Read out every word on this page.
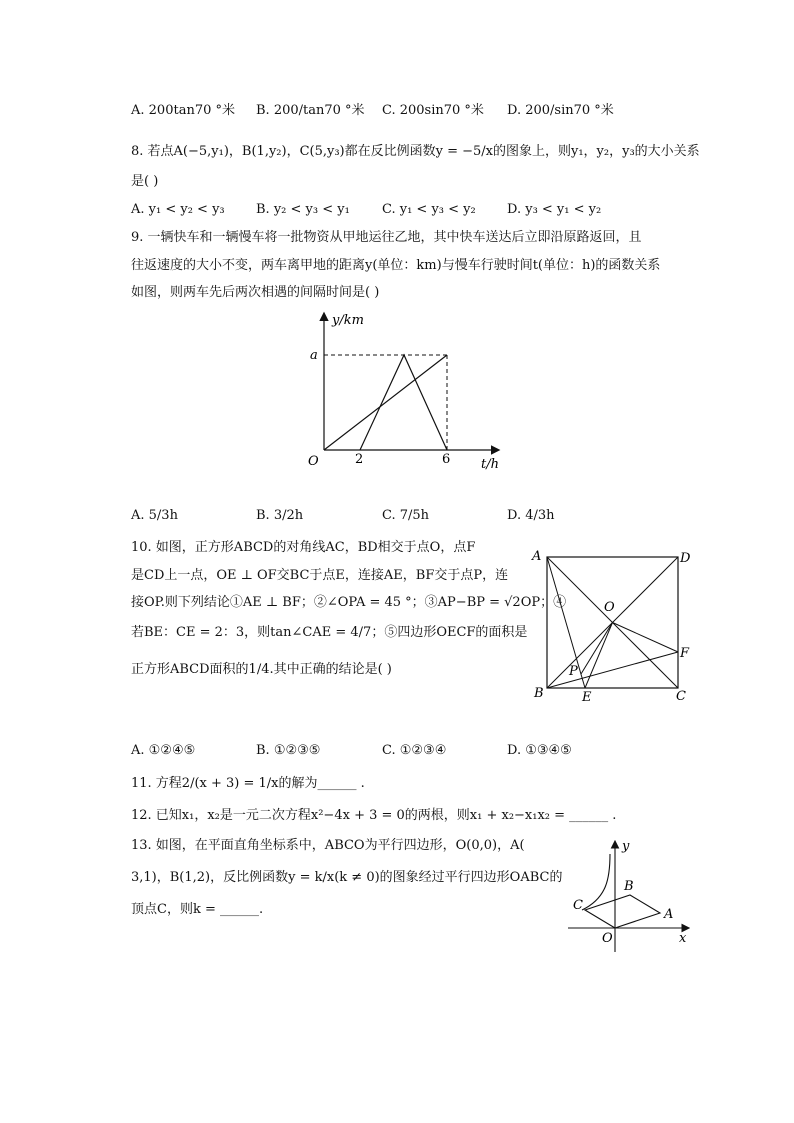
A. 200tan70 °米 B. 200/tan70 °米 C. 200sin70 °米 D. 200/sin70 °米
8. 若点A(−5,y₁)，B(1,y₂)，C(5,y₃)都在反比例函数y = −5/x的图象上，则y₁，y₂，y₃的大小关系
是( )
A. y₁ < y₂ < y₃ B. y₂ < y₃ < y₁ C. y₁ < y₃ < y₂ D. y₃ < y₁ < y₂
9. 一辆快车和一辆慢车将一批物资从甲地运往乙地，其中快车送达后立即沿原路返回，且
往返速度的大小不变，两车离甲地的距离y(单位：km)与慢车行驶时间t(单位：h)的函数关系
如图，则两车先后两次相遇的间隔时间是( )
y/km
a
O	2	6 t/h
A. 5/3h	B. 3/2h	C. 7/5h	D. 4/3h
10. 如图，正方形ABCD的对角线AC，BD相交于点O，点F
是CD上一点，OE ⊥ OF交BC于点E，连接AE，BF交于点P，连
接OP.则下列结论①AE ⊥ BF；②∠OPA = 45 °；③AP−BP = √2OP；④
若BE：CE = 2：3，则tan∠CAE = 4/7；⑤四边形OECF的面积是
正方形ABCD面积的1/4.其中正确的结论是( )
A	D
B	C
O
F
E
P
A. ①②④⑤	B. ①②③⑤	C. ①②③④	D. ①③④⑤
11. 方程2/(x + 3) = 1/x的解为______ .
12. 已知x₁，x₂是一元二次方程x²−4x + 3 = 0的两根，则x₁ + x₂−x₁x₂ = ______ .
13. 如图，在平面直角坐标系中，ABCO为平行四边形，O(0,0)，A(
3,1)，B(1,2)，反比例函数y = k/x(k ≠ 0)的图象经过平行四边形OABC的
顶点C，则k = ______.
y
x
O
A
B
C
